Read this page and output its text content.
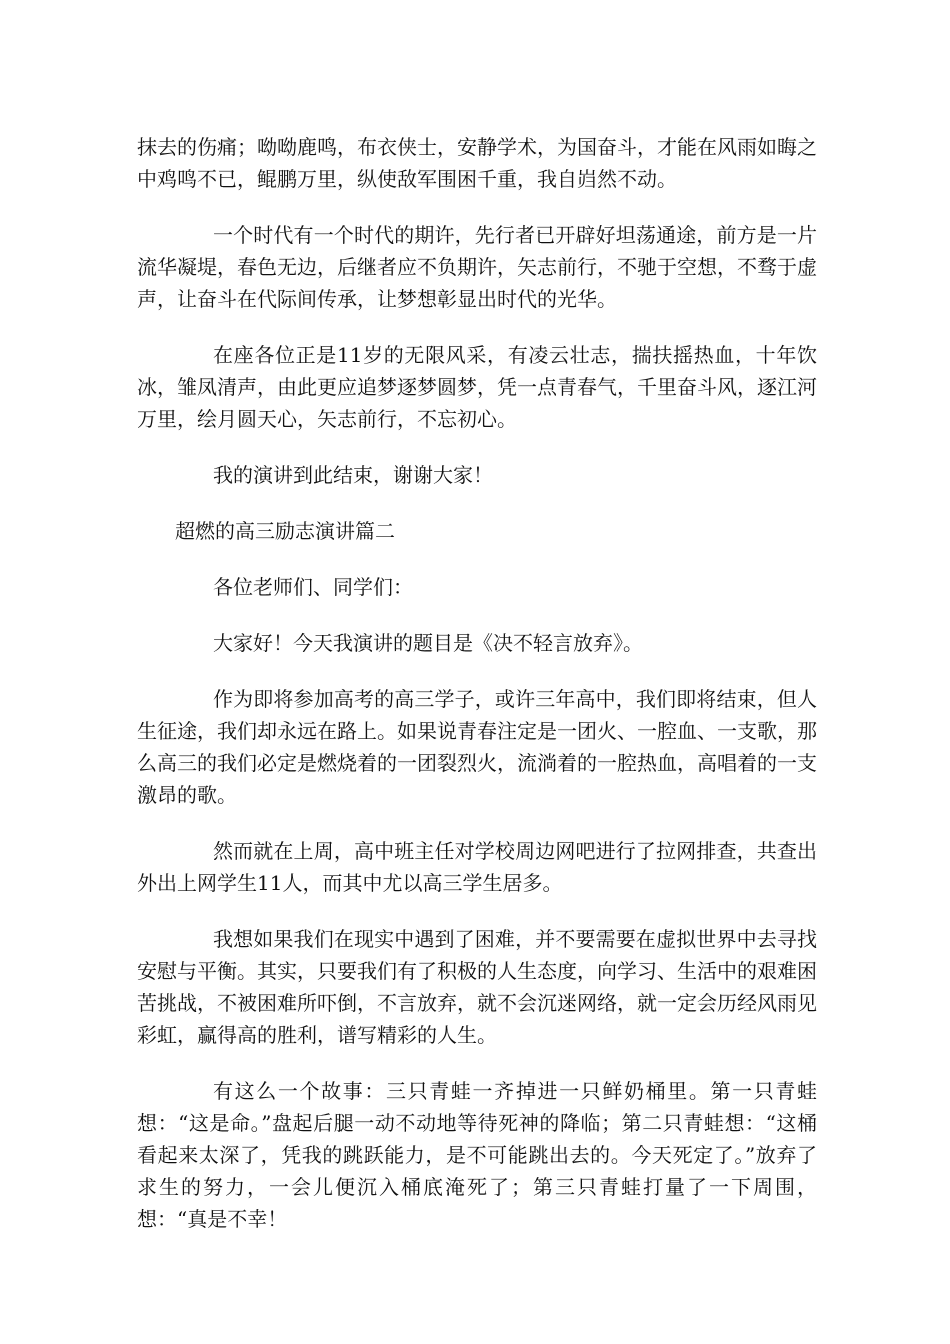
抹去的伤痛；呦呦鹿鸣，布衣侠士，安静学术，为国奋斗，才能在风雨如晦之中鸡鸣不已，鲲鹏万里，纵使敌军围困千重，我自岿然不动。

一个时代有一个时代的期许，先行者已开辟好坦荡通途，前方是一片流华凝堤，春色无边，后继者应不负期许，矢志前行，不驰于空想，不骛于虚声，让奋斗在代际间传承，让梦想彰显出时代的光华。

在座各位正是11岁的无限风采，有凌云壮志，揣扶摇热血，十年饮冰，雏凤清声，由此更应追梦逐梦圆梦，凭一点青春气，千里奋斗风，逐江河万里，绘月圆天心，矢志前行，不忘初心。

我的演讲到此结束，谢谢大家！

超燃的高三励志演讲篇二

各位老师们、同学们：

大家好！今天我演讲的题目是《决不轻言放弃》。

作为即将参加高考的高三学子，或许三年高中，我们即将结束，但人生征途，我们却永远在路上。如果说青春注定是一团火、一腔血、一支歌，那么高三的我们必定是燃烧着的一团裂烈火，流淌着的一腔热血，高唱着的一支激昂的歌。

然而就在上周，高中班主任对学校周边网吧进行了拉网排查，共查出外出上网学生11人，而其中尤以高三学生居多。

我想如果我们在现实中遇到了困难，并不要需要在虚拟世界中去寻找安慰与平衡。其实，只要我们有了积极的人生态度，向学习、生活中的艰难困苦挑战，不被困难所吓倒，不言放弃，就不会沉迷网络，就一定会历经风雨见彩虹，赢得高的胜利，谱写精彩的人生。

有这么一个故事：三只青蛙一齐掉进一只鲜奶桶里。第一只青蛙想：“这是命。”盘起后腿一动不动地等待死神的降临；第二只青蛙想：“这桶看起来太深了，凭我的跳跃能力，是不可能跳出去的。今天死定了。”放弃了求生的努力，一会儿便沉入桶底淹死了；第三只青蛙打量了一下周围，想：“真是不幸！
